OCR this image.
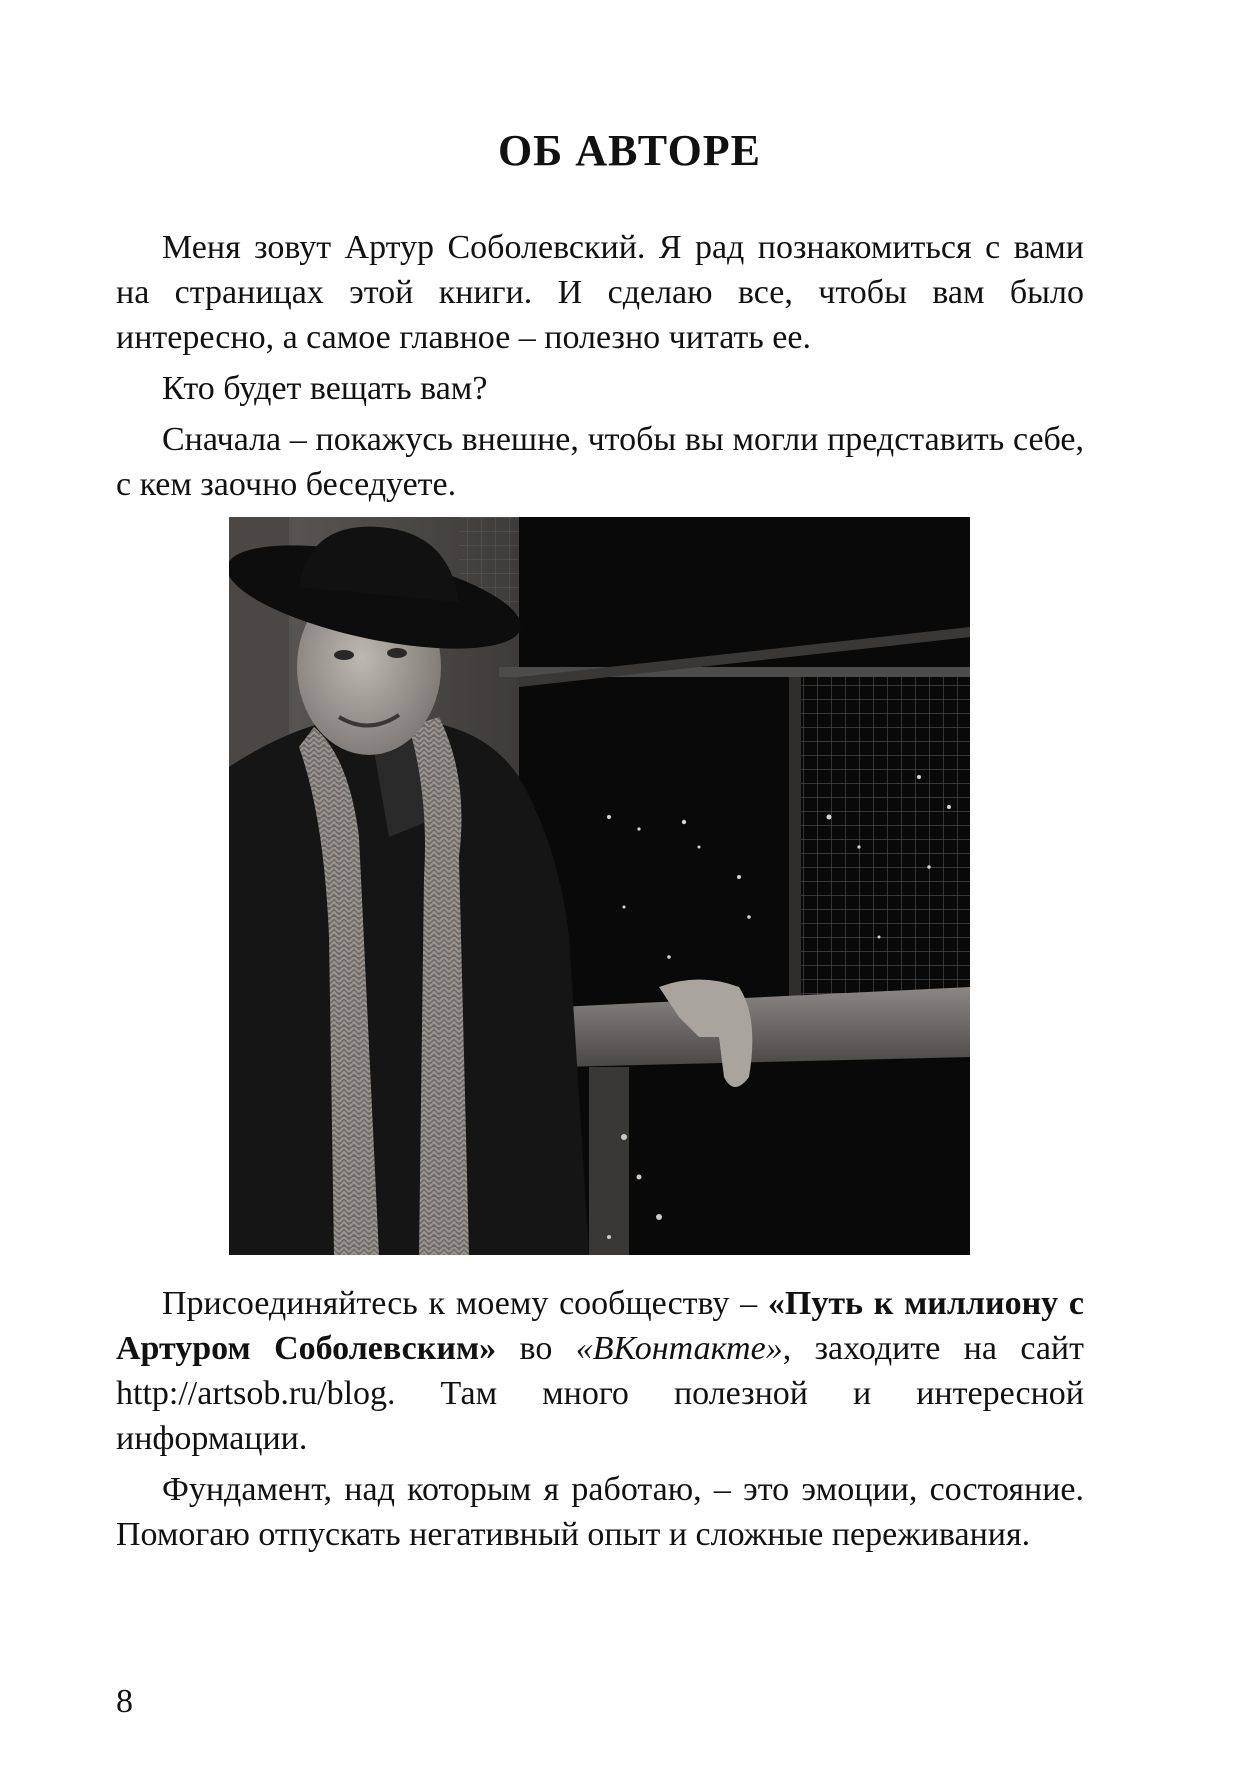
ОБ АВТОРЕ

Меня зовут Артур Соболевский. Я рад познакомиться с вами на страницах этой книги. И сделаю все, чтобы вам было интересно, а самое главное – полезно читать ее.

Кто будет вещать вам?

Сначала – покажусь внешне, чтобы вы могли представить себе, с кем заочно беседуете.

Присоединяйтесь к моему сообществу – «Путь к миллиону с Артуром Соболевским» во «ВКонтакте», заходите на сайт http://artsob.ru/blog. Там много полезной и интересной информации.

Фундамент, над которым я работаю, – это эмоции, состояние. Помогаю отпускать негативный опыт и сложные переживания.

8
